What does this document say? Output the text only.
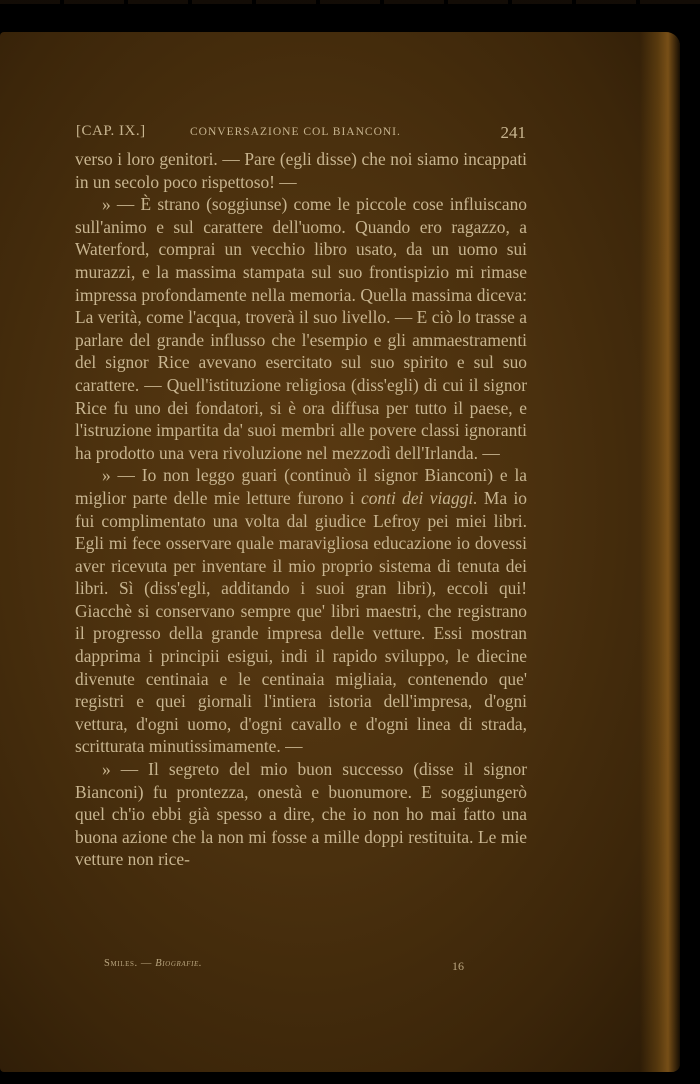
[CAP. IX.]	CONVERSAZIONE COL BIANCONI.	241

verso i loro genitori. — Pare (egli disse) che noi siamo incappati in un secolo poco rispettoso! —

» — È strano (soggiunse) come le piccole cose influiscano sull'animo e sul carattere dell'uomo. Quando ero ragazzo, a Waterford, comprai un vecchio libro usato, da un uomo sui murazzi, e la massima stampata sul suo frontispizio mi rimase impressa profondamente nella memoria. Quella massima diceva: La verità, come l'acqua, troverà il suo livello. — E ciò lo trasse a parlare del grande influsso che l'esempio e gli ammaestramenti del signor Rice avevano esercitato sul suo spirito e sul suo carattere. — Quell'istituzione religiosa (diss'egli) di cui il signor Rice fu uno dei fondatori, si è ora diffusa per tutto il paese, e l'istruzione impartita da' suoi membri alle povere classi ignoranti ha prodotto una vera rivoluzione nel mezzodì dell'Irlanda. —

» — Io non leggo guari (continuò il signor Bianconi) e la miglior parte delle mie letture furono i conti dei viaggi. Ma io fui complimentato una volta dal giudice Lefroy pei miei libri. Egli mi fece osservare quale maravigliosa educazione io dovessi aver ricevuta per inventare il mio proprio sistema di tenuta dei libri. Sì (diss'egli, additando i suoi gran libri), eccoli qui! Giacchè si conservano sempre que' libri maestri, che registrano il progresso della grande impresa delle vetture. Essi mostran dapprima i principii esigui, indi il rapido sviluppo, le diecine divenute centinaia e le centinaia migliaia, contenendo que' registri e quei giornali l'intiera istoria dell'impresa, d'ogni vettura, d'ogni uomo, d'ogni cavallo e d'ogni linea di strada, scritturata minutissimamente. —

» — Il segreto del mio buon successo (disse il signor Bianconi) fu prontezza, onestà e buonumore. E soggiungerò quel ch'io ebbi già spesso a dire, che io non ho mai fatto una buona azione che la non mi fosse a mille doppi restituita. Le mie vetture non rice-

Smiles. — Biografie.	16
